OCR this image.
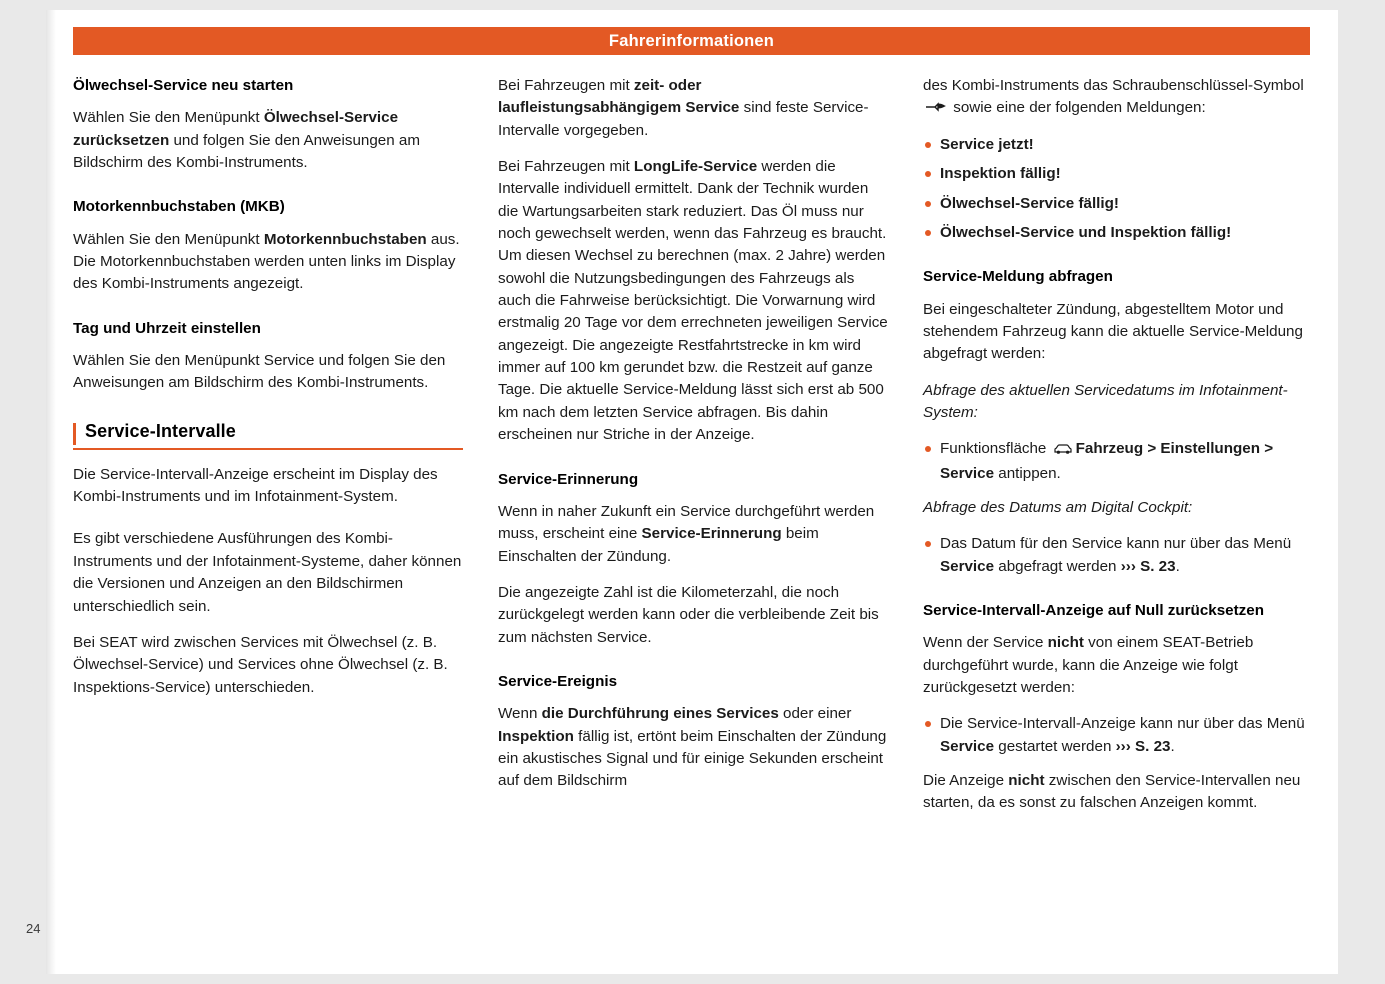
Fahrerinformationen
Ölwechsel-Service neu starten

Wählen Sie den Menüpunkt Ölwechsel-Service zurücksetzen und folgen Sie den Anweisungen am Bildschirm des Kombi-Instruments.

Motorkennbuchstaben (MKB)

Wählen Sie den Menüpunkt Motorkennbuchstaben aus. Die Motorkennbuchstaben werden unten links im Display des Kombi-Instruments angezeigt.

Tag und Uhrzeit einstellen

Wählen Sie den Menüpunkt Service und folgen Sie den Anweisungen am Bildschirm des Kombi-Instruments.

Service-Intervalle

Die Service-Intervall-Anzeige erscheint im Display des Kombi-Instruments und im Infotainment-System.

Es gibt verschiedene Ausführungen des Kombi-Instruments und der Infotainment-Systeme, daher können die Versionen und Anzeigen an den Bildschirmen unterschiedlich sein.

Bei SEAT wird zwischen Services mit Ölwechsel (z. B. Ölwechsel-Service) und Services ohne Ölwechsel (z. B. Inspektions-Service) unterschieden.

Bei Fahrzeugen mit zeit- oder laufleistungsabhängigem Service sind feste Service-Intervalle vorgegeben.

Bei Fahrzeugen mit LongLife-Service werden die Intervalle individuell ermittelt. Dank der Technik wurden die Wartungsarbeiten stark reduziert. Das Öl muss nur noch gewechselt werden, wenn das Fahrzeug es braucht. Um diesen Wechsel zu berechnen (max. 2 Jahre) werden sowohl die Nutzungsbedingungen des Fahrzeugs als auch die Fahrweise berücksichtigt. Die Vorwarnung wird erstmalig 20 Tage vor dem errechneten jeweiligen Service angezeigt. Die angezeigte Restfahrtstrecke in km wird immer auf 100 km gerundet bzw. die Restzeit auf ganze Tage. Die aktuelle Service-Meldung lässt sich erst ab 500 km nach dem letzten Service abfragen. Bis dahin erscheinen nur Striche in der Anzeige.

Service-Erinnerung

Wenn in naher Zukunft ein Service durchgeführt werden muss, erscheint eine Service-Erinnerung beim Einschalten der Zündung.

Die angezeigte Zahl ist die Kilometerzahl, die noch zurückgelegt werden kann oder die verbleibende Zeit bis zum nächsten Service.

Service-Ereignis

Wenn die Durchführung eines Services oder einer Inspektion fällig ist, ertönt beim Einschalten der Zündung ein akustisches Signal und für einige Sekunden erscheint auf dem Bildschirm

des Kombi-Instruments das Schraubenschlüssel-Symbol  sowie eine der folgenden Meldungen:

Service jetzt!
Inspektion fällig!
Ölwechsel-Service fällig!
Ölwechsel-Service und Inspektion fällig!
Service-Meldung abfragen

Bei eingeschalteter Zündung, abgestelltem Motor und stehendem Fahrzeug kann die aktuelle Service-Meldung abgefragt werden:

Abfrage des aktuellen Servicedatums im Infotainment-System:

Funktionsfläche Fahrzeug > Einstellungen > Service antippen.

Abfrage des Datums am Digital Cockpit:

Das Datum für den Service kann nur über das Menü Service abgefragt werden ››› S. 23.
Service-Intervall-Anzeige auf Null zurücksetzen

Wenn der Service nicht von einem SEAT-Betrieb durchgeführt wurde, kann die Anzeige wie folgt zurückgesetzt werden:

Die Service-Intervall-Anzeige kann nur über das Menü Service gestartet werden ››› S. 23.

Die Anzeige nicht zwischen den Service-Intervallen neu starten, da es sonst zu falschen Anzeigen kommt.

24
